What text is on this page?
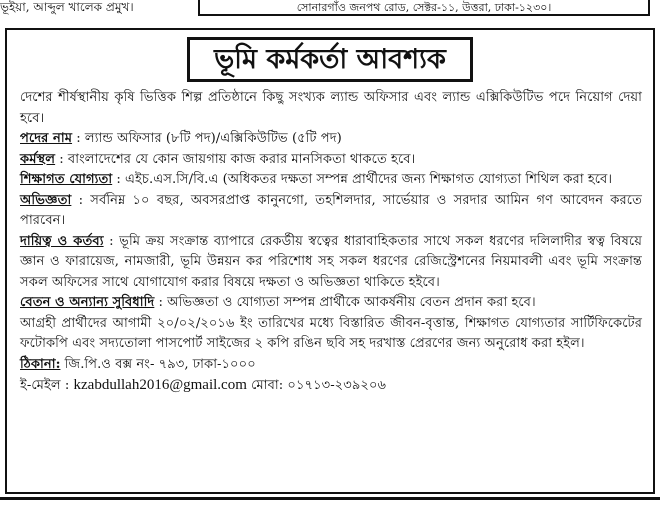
ভূইয়া, আব্দুল খালেক প্রমুখ।	সোনারগাঁও জনপথ রোড, সেক্টর-১১, উত্তরা, ঢাকা-১২৩০।
ভূমি কর্মকর্তা আবশ্যক

দেশের শীর্ষস্থানীয় কৃষি ভিত্তিক শিল্প প্রতিষ্ঠানে কিছু সংখ্যক ল্যান্ড অফিসার এবং ল্যান্ড এক্সিকিউটিভ পদে নিয়োগ দেয়া হবে।

পদের নাম : ল্যান্ড অফিসার (৮টি পদ)/এক্সিকিউটিভ (৫টি পদ)

কর্মস্থল : বাংলাদেশের যে কোন জায়গায় কাজ করার মানসিকতা থাকতে হবে।

শিক্ষাগত যোগ্যতা : এইচ.এস.সি/বি.এ (অধিকতর দক্ষতা সম্পন্ন প্রার্থীদের জন্য শিক্ষাগত যোগ্যতা শিথিল করা হবে।

অভিজ্ঞতা : সর্বনিম্ন ১০ বছর, অবসরপ্রাপ্ত কানুনগো, তহশিলদার, সার্ভেয়ার ও সরদার আমিন গণ আবেদন করতে পারবেন।

দায়িত্ব ও কর্তব্য : ভূমি ক্রয় সংক্রান্ত ব্যাপারে রেকর্ডীয় স্বত্বের ধারাবাহিকতার সাথে সকল ধরণের দলিলাদীর স্বত্ব বিষয়ে জ্ঞান ও ফারায়েজ, নামজারী, ভূমি উন্নয়ন কর পরিশোধ সহ সকল ধরণের রেজিস্ট্রেশনের নিয়মাবলী এবং ভূমি সংক্রান্ত সকল অফিসের সাথে যোগাযোগ করার বিষয়ে দক্ষতা ও অভিজ্ঞতা থাকিতে হইবে।

বেতন ও অন্যান্য সুবিধাদি : অভিজ্ঞতা ও যোগ্যতা সম্পন্ন প্রার্থীকে আকর্ষনীয় বেতন প্রদান করা হবে।

আগ্রহী প্রার্থীদের আগামী ২০/০২/২০১৬ ইং তারিখের মধ্যে বিস্তারিত জীবন-বৃত্তান্ত, শিক্ষাগত যোগ্যতার সার্টিফিকেটের ফটোকপি এবং সদ্যতোলা পাসপোর্ট সাইজের ২ কপি রঙিন ছবি সহ দরখাস্ত প্রেরণের জন্য অনুরোধ করা হইল।

ঠিকানা: জি.পি.ও বক্স নং- ৭৯৩, ঢাকা-১০০০

ই-মেইল : kzabdullah2016@gmail.com মোবা: ০১৭১৩-২৩৯২০৬
